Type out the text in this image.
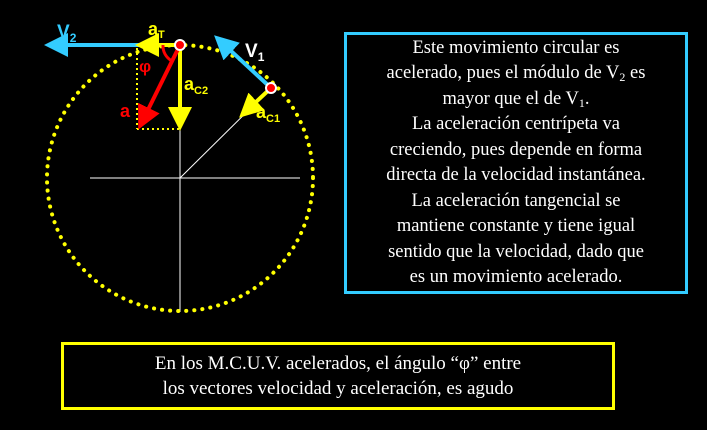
$V_2$
$V_1$
aT
$a_{C2}$
$a_{C1}$
a
φ
Este movimiento circular es
acelerado, pues el módulo de $V_2$ es
mayor que el de $V_1$.
La aceleración centrípeta va
creciendo, pues depende en forma
directa de la velocidad instantánea.
La aceleración tangencial se
mantiene constante y tiene igual
sentido que la velocidad, dado que
es un movimiento acelerado.
En los M.C.U.V. acelerados, el ángulo “φ” entre
los vectores velocidad y aceleración, es agudo
